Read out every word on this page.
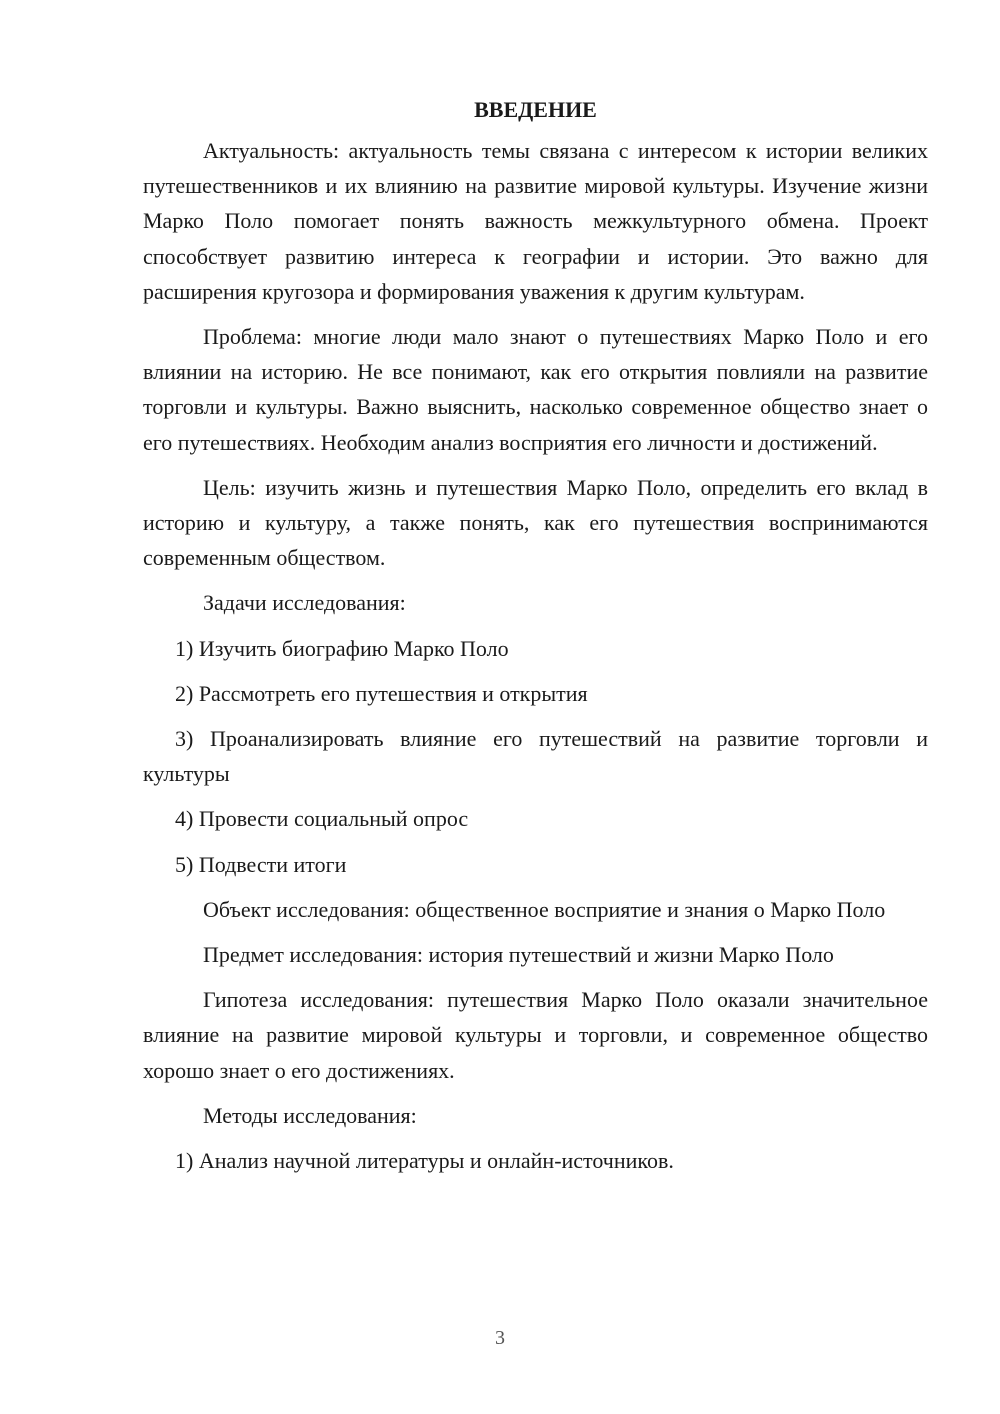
ВВЕДЕНИЕ

Актуальность: актуальность темы связана с интересом к истории великих путешественников и их влиянию на развитие мировой культуры. Изучение жизни Марко Поло помогает понять важность межкультурного обмена. Проект способствует развитию интереса к географии и истории. Это важно для расширения кругозора и формирования уважения к другим культурам.

Проблема: многие люди мало знают о путешествиях Марко Поло и его влиянии на историю. Не все понимают, как его открытия повлияли на развитие торговли и культуры. Важно выяснить, насколько современное общество знает о его путешествиях. Необходим анализ восприятия его личности и достижений.

Цель: изучить жизнь и путешествия Марко Поло, определить его вклад в историю и культуру, а также понять, как его путешествия воспринимаются современным обществом.

Задачи исследования:

1) Изучить биографию Марко Поло

2) Рассмотреть его путешествия и открытия

3) Проанализировать влияние его путешествий на развитие торговли и культуры

4) Провести социальный опрос

5) Подвести итоги

Объект исследования: общественное восприятие и знания о Марко Поло

Предмет исследования: история путешествий и жизни Марко Поло

Гипотеза исследования: путешествия Марко Поло оказали значительное влияние на развитие мировой культуры и торговли, и современное общество хорошо знает о его достижениях.

Методы исследования:

1) Анализ научной литературы и онлайн-источников.

3
